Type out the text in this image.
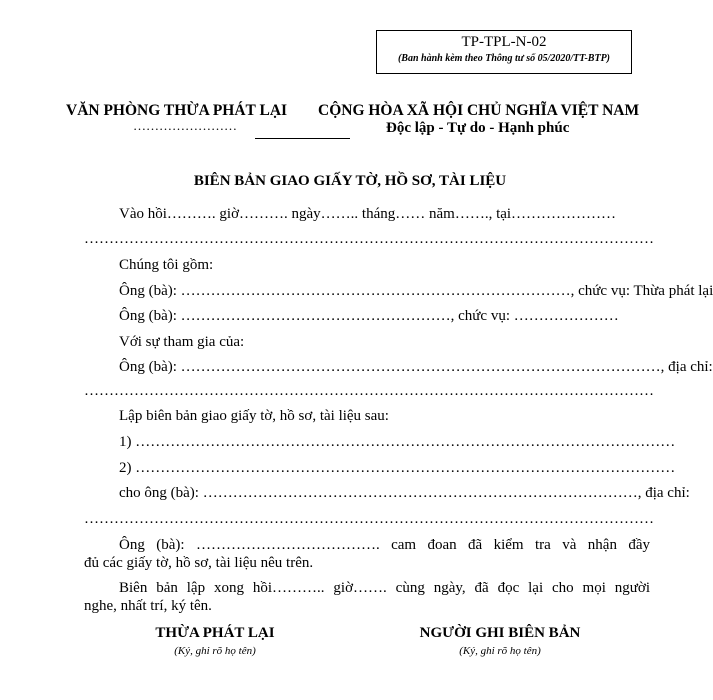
TP-TPL-N-02
(Ban hành kèm theo Thông tư số 05/2020/TT-BTP)
VĂN PHÒNG THỪA PHÁT LẠI
……………………
CỘNG HÒA XÃ HỘI CHỦ NGHĨA VIỆT NAM
Độc lập - Tự do - Hạnh phúc
BIÊN BẢN GIAO GIẤY TỜ, HỒ SƠ, TÀI LIỆU
Vào hồi………. giờ………. ngày…….. tháng…… năm……., tại…………………
……………………………………………………………………………………………………
Chúng tôi gồm:
Ông (bà): ……………………………………………………………………, chức vụ: Thừa phát lại
Ông (bà): ………………………………………………, chức vụ: …………………
Với sự tham gia của:
Ông (bà): ……………………………………………………………………………………, địa chỉ:
……………………………………………………………………………………………………
Lập biên bản giao giấy tờ, hồ sơ, tài liệu sau:
1) ………………………………………………………………………………………………
2) ………………………………………………………………………………………………
cho ông (bà): ……………………………………………………………………………, địa chỉ:
……………………………………………………………………………………………………
Ông (bà): ………………………………. cam đoan đã kiểm tra và nhận đầy
đủ các giấy tờ, hồ sơ, tài liệu nêu trên.
Biên bản lập xong hồi……….. giờ……. cùng ngày, đã đọc lại cho mọi người
nghe, nhất trí, ký tên.
THỪA PHÁT LẠI
(Ký, ghi rõ họ tên)
NGƯỜI GHI BIÊN BẢN
(Ký, ghi rõ họ tên)
